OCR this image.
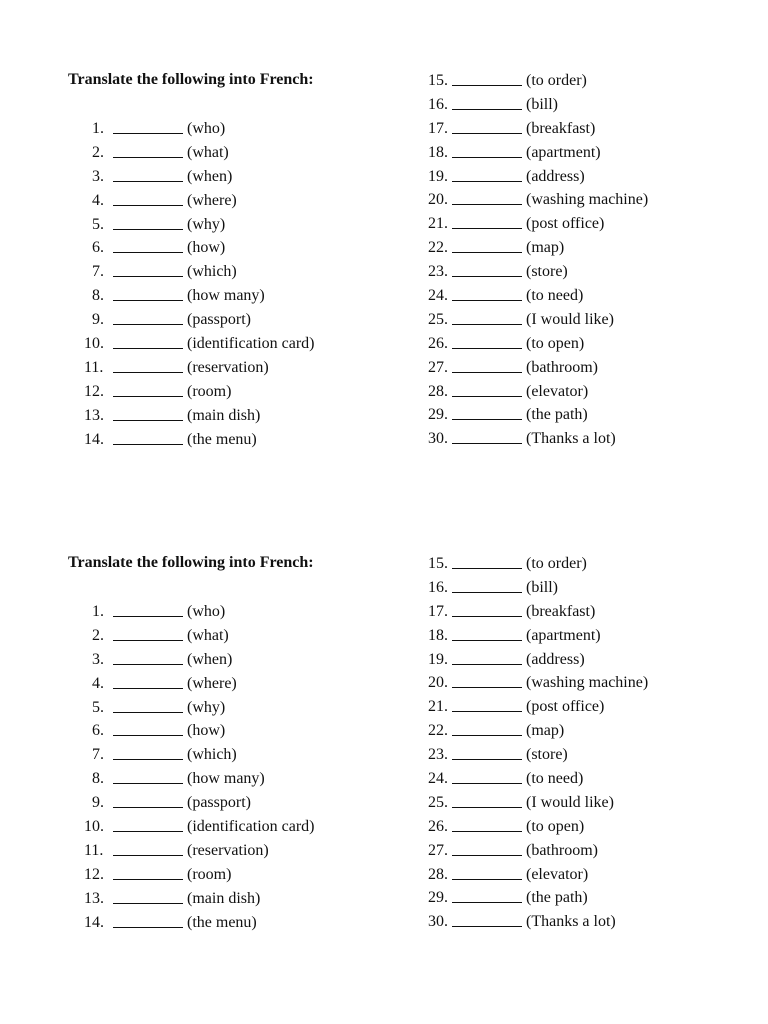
Translate the following into French:
1.	(who)
2.	(what)
3.	(when)
4.	(where)
5.	(why)
6.	(how)
7.	(which)
8.	(how many)
9.	(passport)
10.	(identification card)
11.	(reservation)
12.	(room)
13.	(main dish)
14.	(the menu)
15.	(to order)
16.	(bill)
17.	(breakfast)
18.	(apartment)
19.	(address)
20.	(washing machine)
21.	(post office)
22.	(map)
23.	(store)
24.	(to need)
25.	(I would like)
26.	(to open)
27.	(bathroom)
28.	(elevator)
29.	(the path)
30.	(Thanks a lot)
Translate the following into French:
1.	(who)
2.	(what)
3.	(when)
4.	(where)
5.	(why)
6.	(how)
7.	(which)
8.	(how many)
9.	(passport)
10.	(identification card)
11.	(reservation)
12.	(room)
13.	(main dish)
14.	(the menu)
15.	(to order)
16.	(bill)
17.	(breakfast)
18.	(apartment)
19.	(address)
20.	(washing machine)
21.	(post office)
22.	(map)
23.	(store)
24.	(to need)
25.	(I would like)
26.	(to open)
27.	(bathroom)
28.	(elevator)
29.	(the path)
30.	(Thanks a lot)
